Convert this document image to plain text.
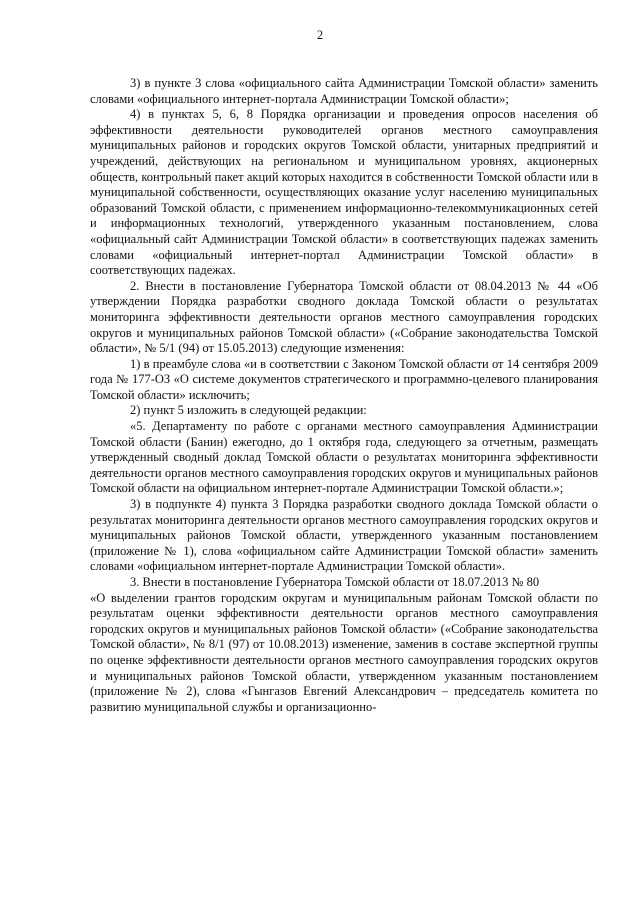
2

3) в пункте 3 слова «официального сайта Администрации Томской области» заменить словами «официального интернет-портала Администрации Томской области»;

4) в пунктах 5, 6, 8 Порядка организации и проведения опросов населения об эффективности деятельности руководителей органов местного самоуправления муниципальных районов и городских округов Томской области, унитарных предприятий и учреждений, действующих на региональном и муниципальном уровнях, акционерных обществ, контрольный пакет акций которых находится в собственности Томской области или в муниципальной собственности, осуществляющих оказание услуг населению муниципальных образований Томской области, с применением информационно-телекоммуникационных сетей и информационных технологий, утвержденного указанным постановлением, слова «официальный сайт Администрации Томской области» в соответствующих падежах заменить словами «официальный интернет-портал Администрации Томской области» в соответствующих падежах.

2. Внести в постановление Губернатора Томской области от 08.04.2013 № 44 «Об утверждении Порядка разработки сводного доклада Томской области о результатах мониторинга эффективности деятельности органов местного самоуправления городских округов и муниципальных районов Томской области» («Собрание законодательства Томской области», № 5/1 (94) от 15.05.2013) следующие изменения:

1) в преамбуле слова «и в соответствии с Законом Томской области от 14 сентября 2009 года № 177-ОЗ «О системе документов стратегического и программно-целевого планирования Томской области» исключить;

2) пункт 5 изложить в следующей редакции:

«5. Департаменту по работе с органами местного самоуправления Администрации Томской области (Банин) ежегодно, до 1 октября года, следующего за отчетным, размещать утвержденный сводный доклад Томской области о результатах мониторинга эффективности деятельности органов местного самоуправления городских округов и муниципальных районов Томской области на официальном интернет-портале Администрации Томской области.»;

3) в подпункте 4) пункта 3 Порядка разработки сводного доклада Томской области о результатах мониторинга деятельности органов местного самоуправления городских округов и муниципальных районов Томской области, утвержденного указанным постановлением (приложение № 1), слова «официальном сайте Администрации Томской области» заменить словами «официальном интернет-портале Администрации Томской области».

3. Внести в постановление Губернатора Томской области от 18.07.2013 № 80

«О выделении грантов городским округам и муниципальным районам Томской области по результатам оценки эффективности деятельности органов местного самоуправления городских округов и муниципальных районов Томской области» («Собрание законодательства Томской области», № 8/1 (97) от 10.08.2013) изменение, заменив в составе экспертной группы по оценке эффективности деятельности органов местного самоуправления городских округов и муниципальных районов Томской области, утвержденном указанным постановлением (приложение № 2), слова «Гынгазов Евгений Александрович – председатель комитета по развитию муниципальной службы и организационно-
